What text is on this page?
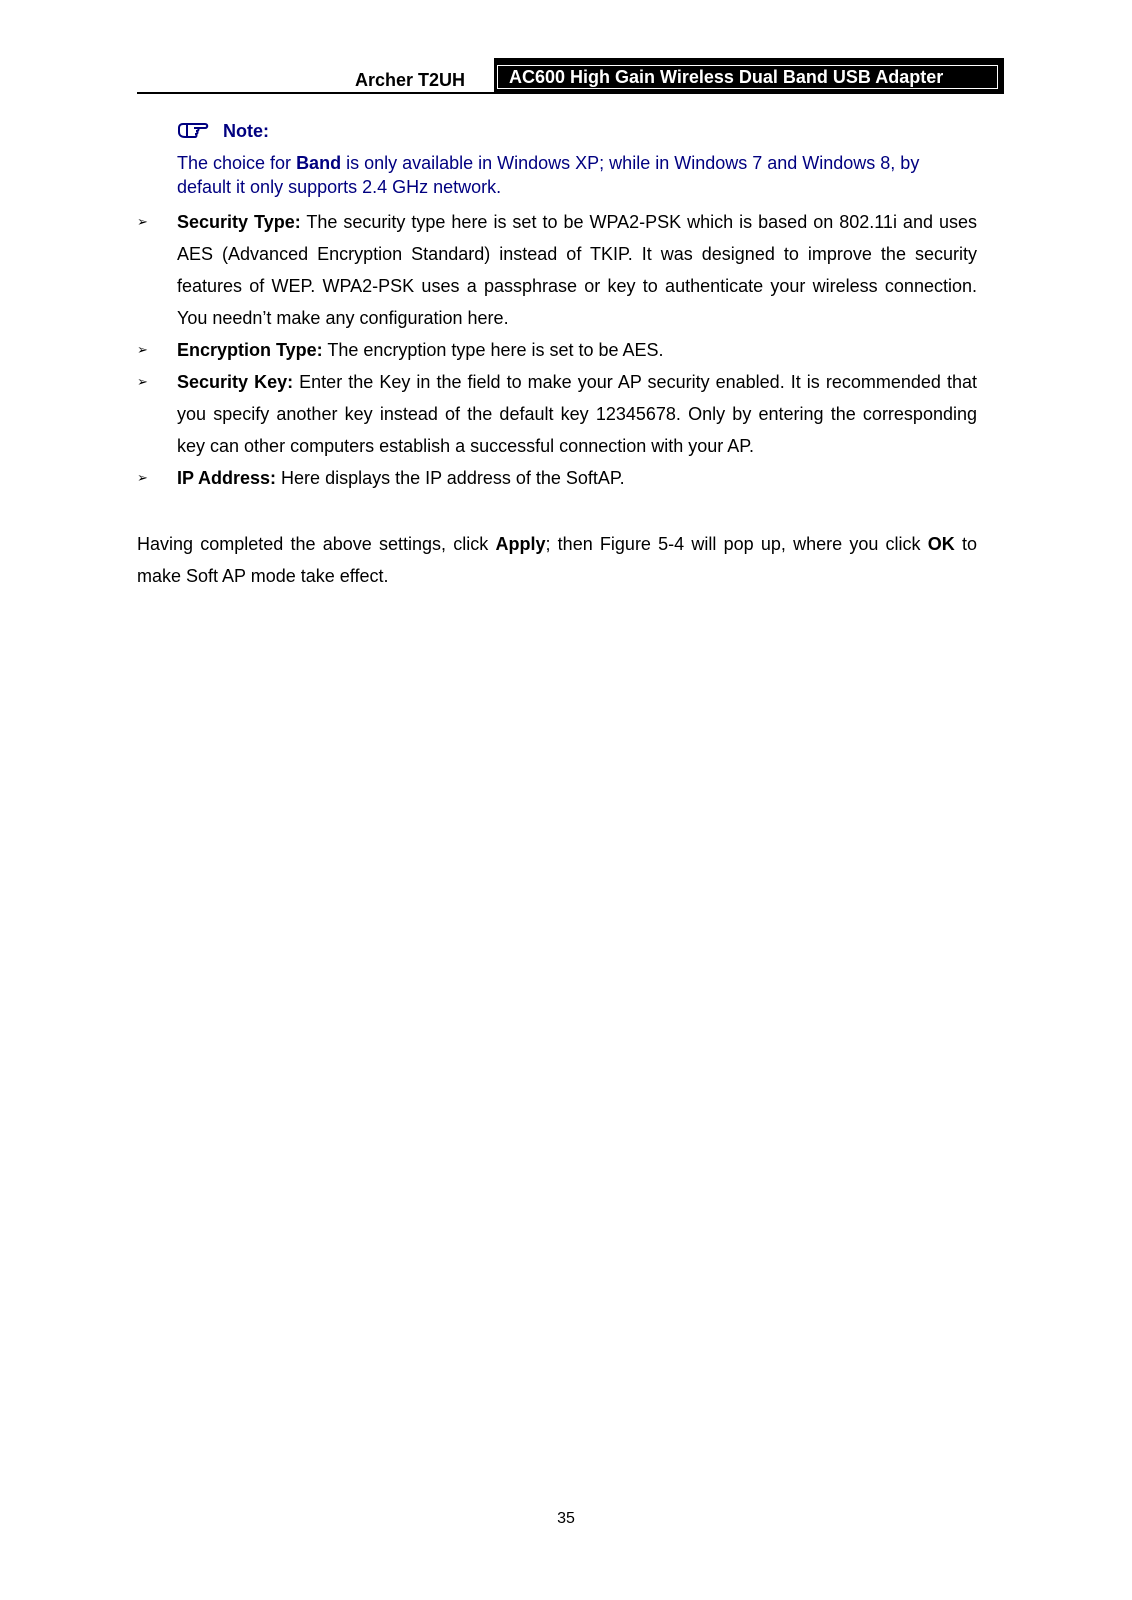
Archer T2UH	AC600 High Gain Wireless Dual Band USB Adapter
Note:
The choice for Band is only available in Windows XP; while in Windows 7 and Windows 8, by default it only supports 2.4 GHz network.
➢ Security Type: The security type here is set to be WPA2-PSK which is based on 802.11i and uses AES (Advanced Encryption Standard) instead of TKIP. It was designed to improve the security features of WEP. WPA2-PSK uses a passphrase or key to authenticate your wireless connection. You needn’t make any configuration here.
➢ Encryption Type: The encryption type here is set to be AES.
➢ Security Key: Enter the Key in the field to make your AP security enabled. It is recommended that you specify another key instead of the default key 12345678. Only by entering the corresponding key can other computers establish a successful connection with your AP.
➢ IP Address: Here displays the IP address of the SoftAP.

Having completed the above settings, click Apply; then Figure 5-4 will pop up, where you click OK to make Soft AP mode take effect.

35
